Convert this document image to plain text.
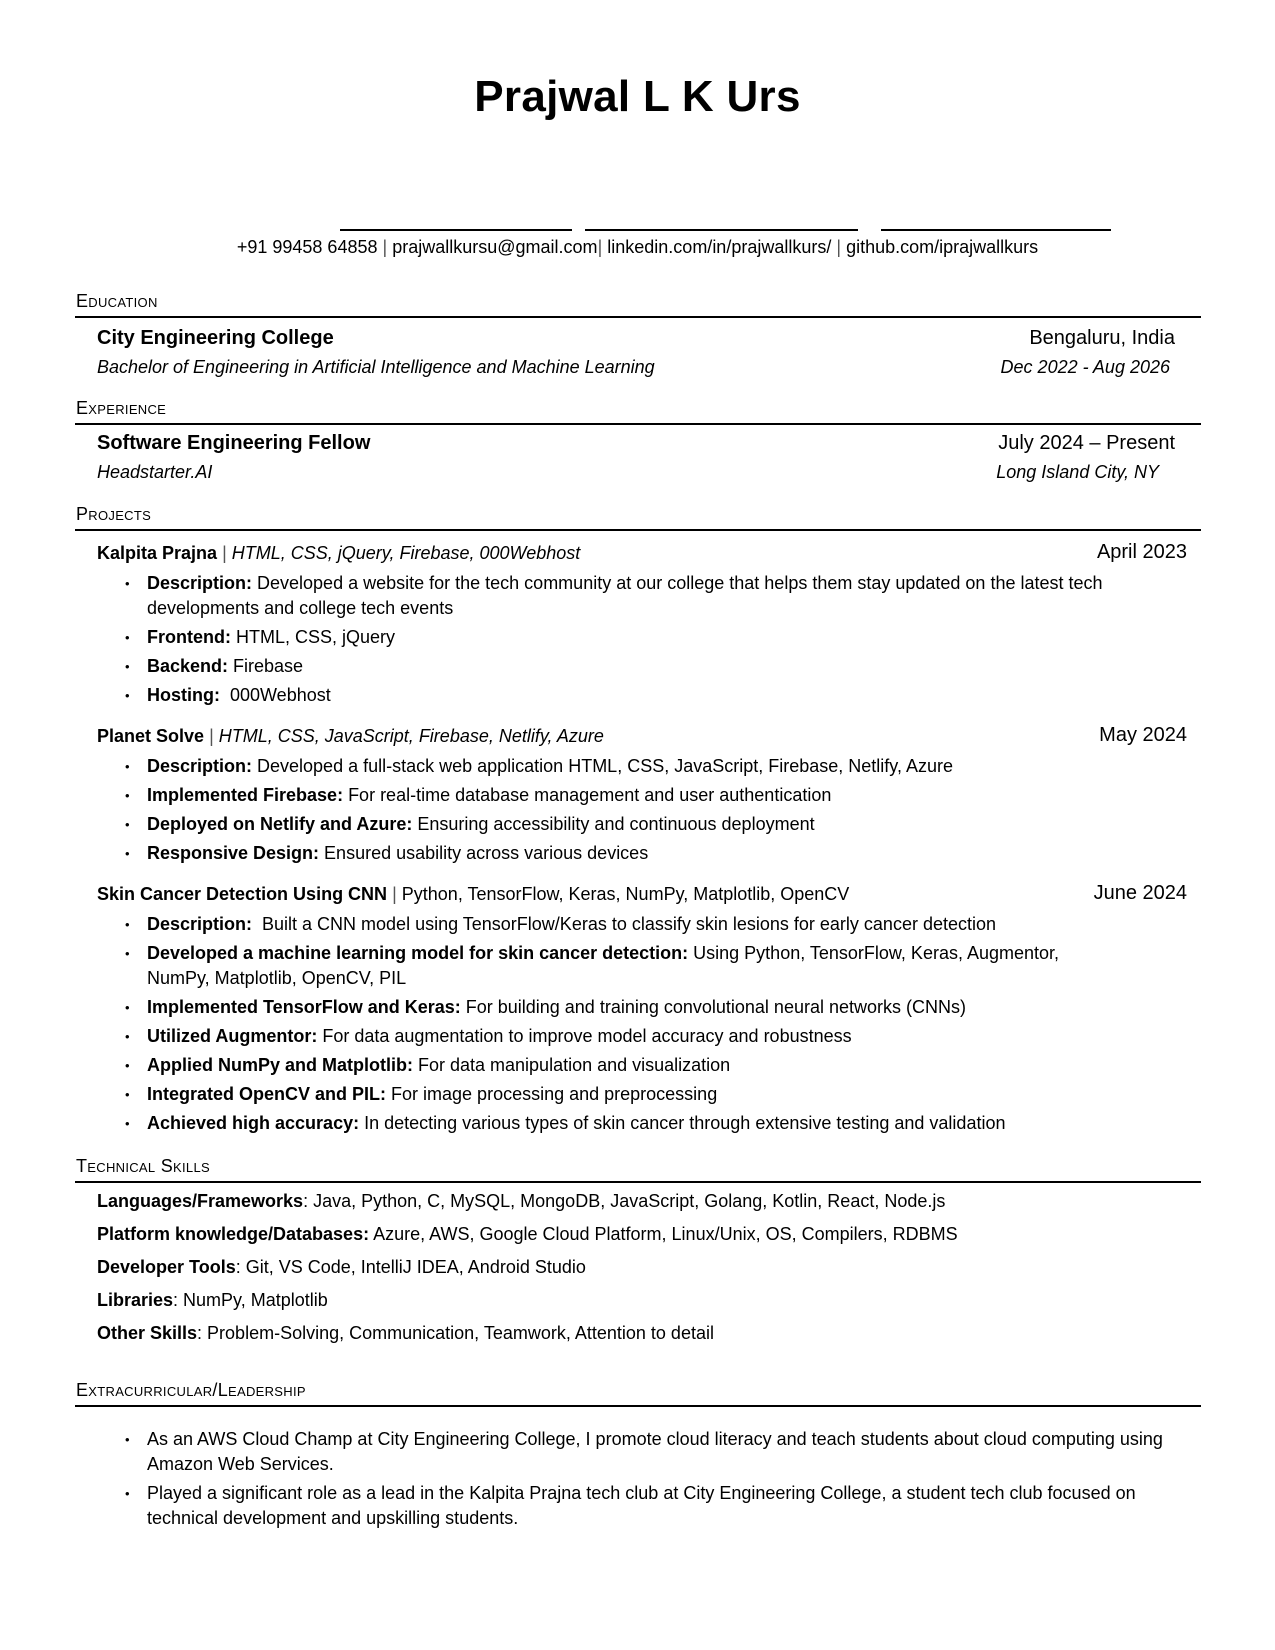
Prajwal L K Urs
+91 99458 64858 | prajwallkursu@gmail.com| linkedin.com/in/prajwallkurs/ | github.com/iprajwallkurs
Education
City Engineering College	Bengaluru, India
Bachelor of Engineering in Artificial Intelligence and Machine Learning	Dec 2022 - Aug 2026
Experience
Software Engineering Fellow	July 2024 – Present
Headstarter.AI	Long Island City, NY
Projects
Kalpita Prajna | HTML, CSS, jQuery, Firebase, 000Webhost	April 2023
• Description: Developed a website for the tech community at our college that helps them stay updated on the latest tech developments and college tech events
• Frontend: HTML, CSS, jQuery
• Backend: Firebase
• Hosting:  000Webhost
Planet Solve | HTML, CSS, JavaScript, Firebase, Netlify, Azure	May 2024
• Description: Developed a full-stack web application HTML, CSS, JavaScript, Firebase, Netlify, Azure
• Implemented Firebase: For real-time database management and user authentication
• Deployed on Netlify and Azure: Ensuring accessibility and continuous deployment
• Responsive Design: Ensured usability across various devices
Skin Cancer Detection Using CNN | Python, TensorFlow, Keras, NumPy, Matplotlib, OpenCV	June 2024
• Description:  Built a CNN model using TensorFlow/Keras to classify skin lesions for early cancer detection
• Developed a machine learning model for skin cancer detection: Using Python, TensorFlow, Keras, Augmentor, NumPy, Matplotlib, OpenCV, PIL
• Implemented TensorFlow and Keras: For building and training convolutional neural networks (CNNs)
• Utilized Augmentor: For data augmentation to improve model accuracy and robustness
• Applied NumPy and Matplotlib: For data manipulation and visualization
• Integrated OpenCV and PIL: For image processing and preprocessing
• Achieved high accuracy: In detecting various types of skin cancer through extensive testing and validation
Technical Skills
Languages/Frameworks: Java, Python, C, MySQL, MongoDB, JavaScript, Golang, Kotlin, React, Node.js
Platform knowledge/Databases: Azure, AWS, Google Cloud Platform, Linux/Unix, OS, Compilers, RDBMS
Developer Tools: Git, VS Code, IntelliJ IDEA, Android Studio
Libraries: NumPy, Matplotlib
Other Skills: Problem-Solving, Communication, Teamwork, Attention to detail
Extracurricular/Leadership
• As an AWS Cloud Champ at City Engineering College, I promote cloud literacy and teach students about cloud computing using Amazon Web Services.
• Played a significant role as a lead in the Kalpita Prajna tech club at City Engineering College, a student tech club focused on technical development and upskilling students.
